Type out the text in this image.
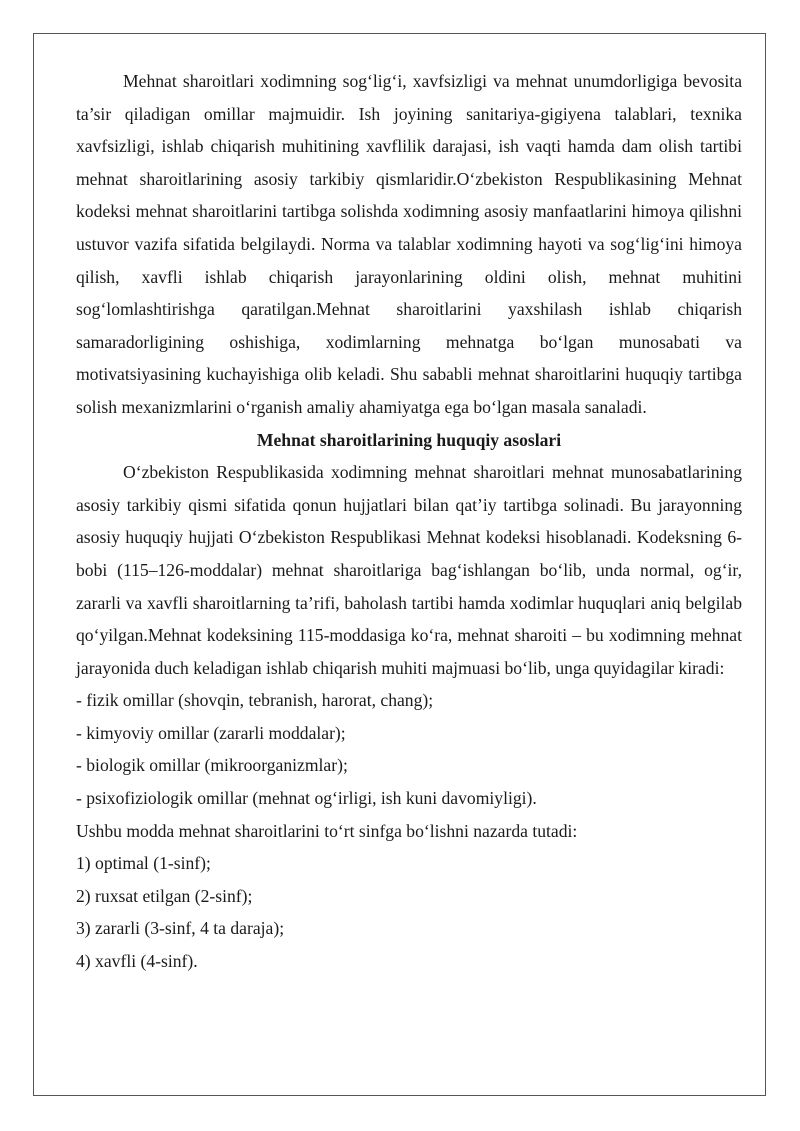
Mehnat sharoitlari xodimning sog‘lig‘i, xavfsizligi va mehnat unumdorligiga bevosita ta’sir qiladigan omillar majmuidir. Ish joyining sanitariya-gigiyena talablari, texnika xavfsizligi, ishlab chiqarish muhitining xavflilik darajasi, ish vaqti hamda dam olish tartibi mehnat sharoitlarining asosiy tarkibiy qismlaridir.O‘zbekiston Respublikasining Mehnat kodeksi mehnat sharoitlarini tartibga solishda xodimning asosiy manfaatlarini himoya qilishni ustuvor vazifa sifatida belgilaydi. Norma va talablar xodimning hayoti va sog‘lig‘ini himoya qilish, xavfli ishlab chiqarish jarayonlarining oldini olish, mehnat muhitini sog‘lomlashtirishga qaratilgan.Mehnat sharoitlarini yaxshilash ishlab chiqarish samaradorligining oshishiga, xodimlarning mehnatga bo‘lgan munosabati va motivatsiyasining kuchayishiga olib keladi. Shu sababli mehnat sharoitlarini huquqiy tartibga solish mexanizmlarini o‘rganish amaliy ahamiyatga ega bo‘lgan masala sanaladi.

Mehnat sharoitlarining huquqiy asoslari

O‘zbekiston Respublikasida xodimning mehnat sharoitlari mehnat munosabatlarining asosiy tarkibiy qismi sifatida qonun hujjatlari bilan qat’iy tartibga solinadi. Bu jarayonning asosiy huquqiy hujjati O‘zbekiston Respublikasi Mehnat kodeksi hisoblanadi. Kodeksning 6-bobi (115–126-moddalar) mehnat sharoitlariga bag‘ishlangan bo‘lib, unda normal, og‘ir, zararli va xavfli sharoitlarning ta’rifi, baholash tartibi hamda xodimlar huquqlari aniq belgilab qo‘yilgan.Mehnat kodeksining 115-moddasiga ko‘ra, mehnat sharoiti – bu xodimning mehnat jarayonida duch keladigan ishlab chiqarish muhiti majmuasi bo‘lib, unga quyidagilar kiradi:

- fizik omillar (shovqin, tebranish, harorat, chang);

- kimyoviy omillar (zararli moddalar);

- biologik omillar (mikroorganizmlar);

- psixofiziologik omillar (mehnat og‘irligi, ish kuni davomiyligi).

Ushbu modda mehnat sharoitlarini to‘rt sinfga bo‘lishni nazarda tutadi:

1) optimal (1-sinf);

2) ruxsat etilgan (2-sinf);

3) zararli (3-sinf, 4 ta daraja);

4) xavfli (4-sinf).
